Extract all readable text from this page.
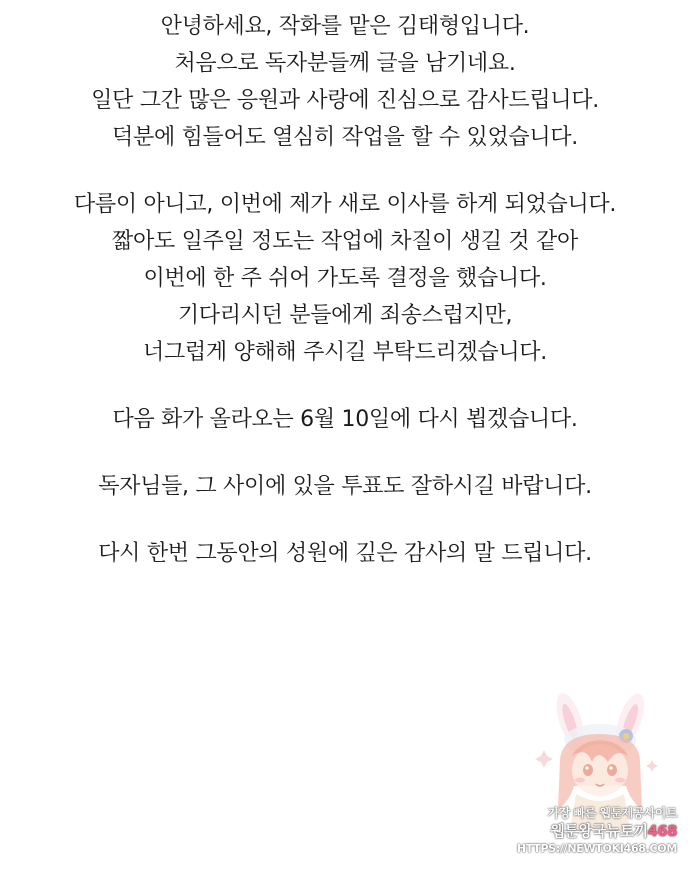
안녕하세요, 작화를 맡은 김태형입니다.
처음으로 독자분들께 글을 남기네요.
일단 그간 많은 응원과 사랑에 진심으로 감사드립니다.
덕분에 힘들어도 열심히 작업을 할 수 있었습니다.

다름이 아니고, 이번에 제가 새로 이사를 하게 되었습니다.
짧아도 일주일 정도는 작업에 차질이 생길 것 같아
이번에 한 주 쉬어 가도록 결정을 했습니다.
기다리시던 분들에게 죄송스럽지만,
너그럽게 양해해 주시길 부탁드리겠습니다.

다음 화가 올라오는 6월 10일에 다시 뵙겠습니다.

독자님들, 그 사이에 있을 투표도 잘하시길 바랍니다.

다시 한번 그동안의 성원에 깊은 감사의 말 드립니다.

가장 빠른 웹툰제공사이트
웹툰왕국뉴토끼468
HTTPS://NEWTOKI468.COM
